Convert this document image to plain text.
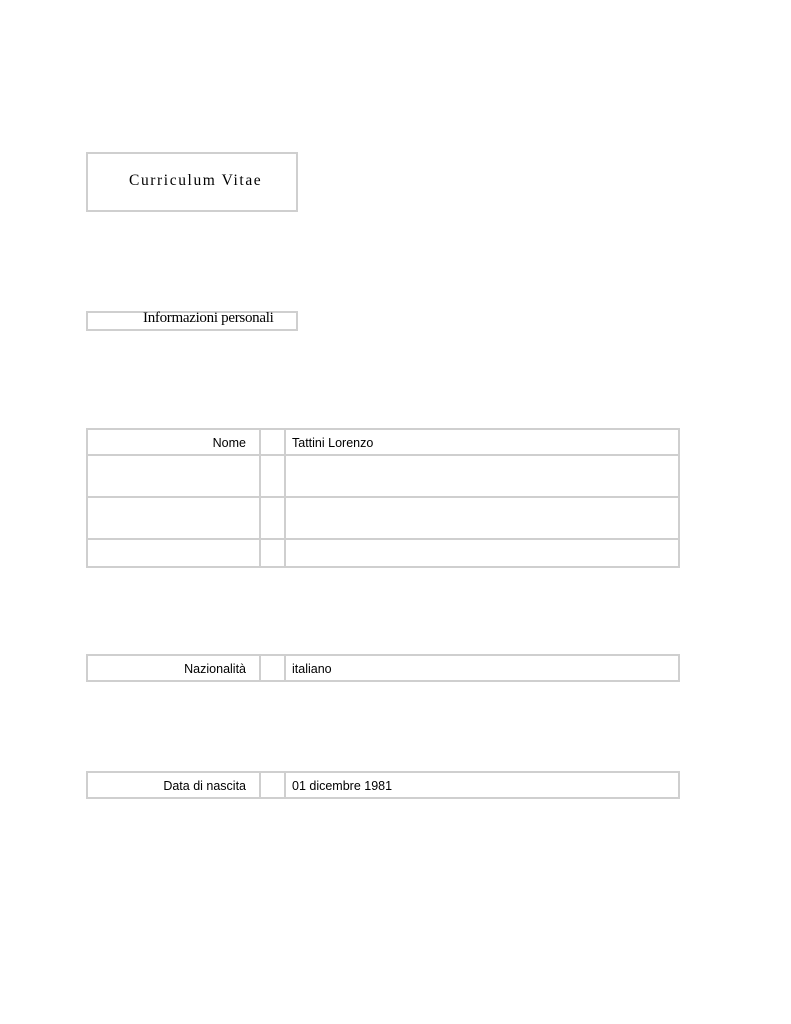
Curriculum Vitae
Informazioni personali
Nome		Tattini Lorenzo

Nazionalità		italiano
Data di nascita		01 dicembre 1981
